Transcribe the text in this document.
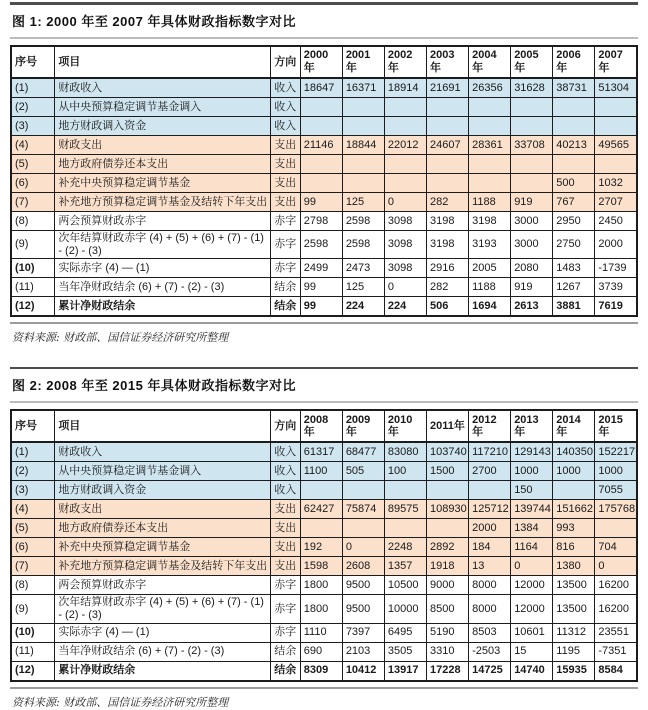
图 1: 2000 年至 2007 年具体财政指标数字对比
序号	项目	方向	2000年	2001年	2002年	2003年	2004年	2005年	2006年	2007年
(1)	财政收入	收入	18647	16371	18914	21691	26356	31628	38731	51304
(2)	从中央预算稳定调节基金调入	收入								
(3)	地方财政调入资金	收入								
(4)	财政支出	支出	21146	18844	22012	24607	28361	33708	40213	49565
(5)	地方政府债券还本支出	支出								
(6)	补充中央预算稳定调节基金	支出							500	1032
(7)	补充地方预算稳定调节基金及结转下年支出	支出	99	125	0	282	1188	919	767	2707
(8)	两会预算财政赤字	赤字	2798	2598	3098	3198	3198	3000	2950	2450
(9)	次年结算财政赤字 (4) + (5) + (6) + (7) - (1) - (2) - (3)	赤字	2598	2598	3098	3198	3193	3000	2750	2000
(10)	实际赤字 (4) — (1)	赤字	2499	2473	3098	2916	2005	2080	1483	-1739
(11)	当年净财政结余 (6) + (7) - (2) - (3)	结余	99	125	0	282	1188	919	1267	3739
(12)	累计净财政结余	结余	99	224	224	506	1694	2613	3881	7619

资料来源: 财政部、国信证券经济研究所整理

图 2: 2008 年至 2015 年具体财政指标数字对比
序号	项目	方向	2008年	2009年	2010年	2011年	2012年	2013年	2014年	2015年
(1)	财政收入	收入	61317	68477	83080	103740	117210	129143	140350	152217
(2)	从中央预算稳定调节基金调入	收入	1100	505	100	1500	2700	1000	1000	1000
(3)	地方财政调入资金	收入						150		7055
(4)	财政支出	支出	62427	75874	89575	108930	125712	139744	151662	175768
(5)	地方政府债券还本支出	支出					2000	1384	993	
(6)	补充中央预算稳定调节基金	支出	192	0	2248	2892	184	1164	816	704
(7)	补充地方预算稳定调节基金及结转下年支出	支出	1598	2608	1357	1918	13	0	1380	0
(8)	两会预算财政赤字	赤字	1800	9500	10500	9000	8000	12000	13500	16200
(9)	次年结算财政赤字 (4) + (5) + (6) + (7) - (1) - (2) - (3)	赤字	1800	9500	10000	8500	8000	12000	13500	16200
(10)	实际赤字 (4) — (1)	赤字	1110	7397	6495	5190	8503	10601	11312	23551
(11)	当年净财政结余 (6) + (7) - (2) - (3)	结余	690	2103	3505	3310	-2503	15	1195	-7351
(12)	累计净财政结余	结余	8309	10412	13917	17228	14725	14740	15935	8584

资料来源: 财政部、国信证券经济研究所整理
